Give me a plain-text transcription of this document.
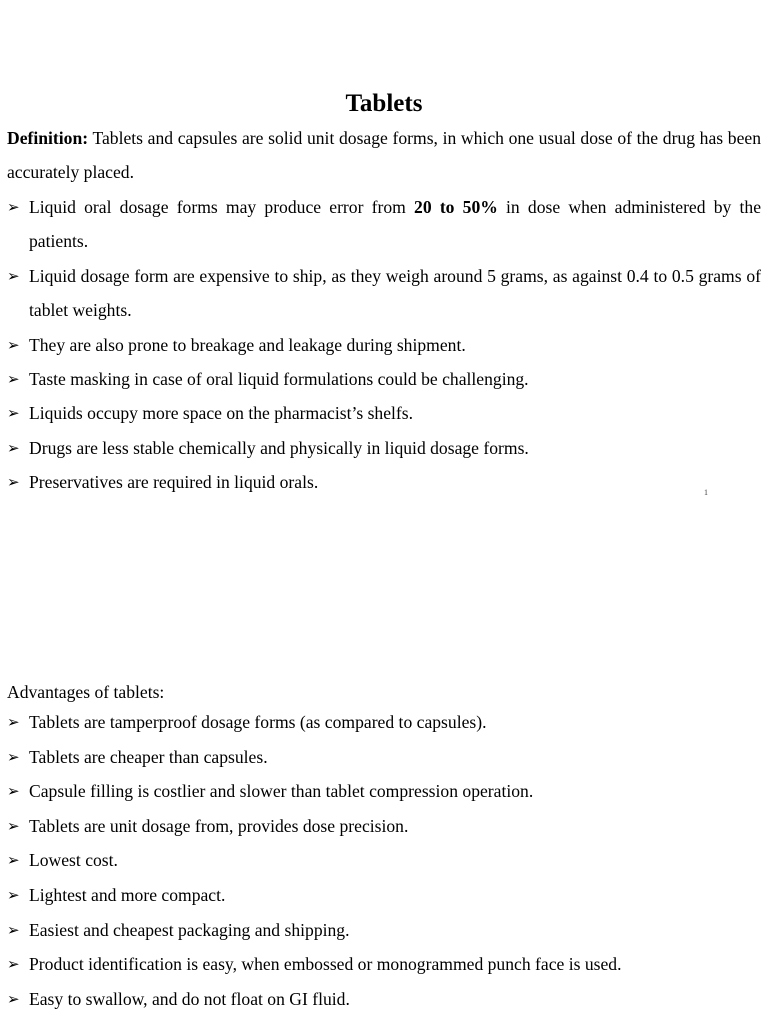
Tablets

Definition: Tablets and capsules are solid unit dosage forms, in which one usual dose of the drug has been accurately placed.

➢ Liquid oral dosage forms may produce error from 20 to 50% in dose when administered by the patients.
➢ Liquid dosage form are expensive to ship, as they weigh around 5 grams, as against 0.4 to 0.5 grams of tablet weights.
➢ They are also prone to breakage and leakage during shipment.
➢ Taste masking in case of oral liquid formulations could be challenging.
➢ Liquids occupy more space on the pharmacist’s shelfs.
➢ Drugs are less stable chemically and physically in liquid dosage forms.
➢ Preservatives are required in liquid orals.
1

Advantages of tablets:

➢ Tablets are tamperproof dosage forms (as compared to capsules).
➢ Tablets are cheaper than capsules.
➢ Capsule filling is costlier and slower than tablet compression operation.
➢ Tablets are unit dosage from, provides dose precision.
➢ Lowest cost.
➢ Lightest and more compact.
➢ Easiest and cheapest packaging and shipping.
➢ Product identification is easy, when embossed or monogrammed punch face is used.
➢ Easy to swallow, and do not float on GI fluid.
